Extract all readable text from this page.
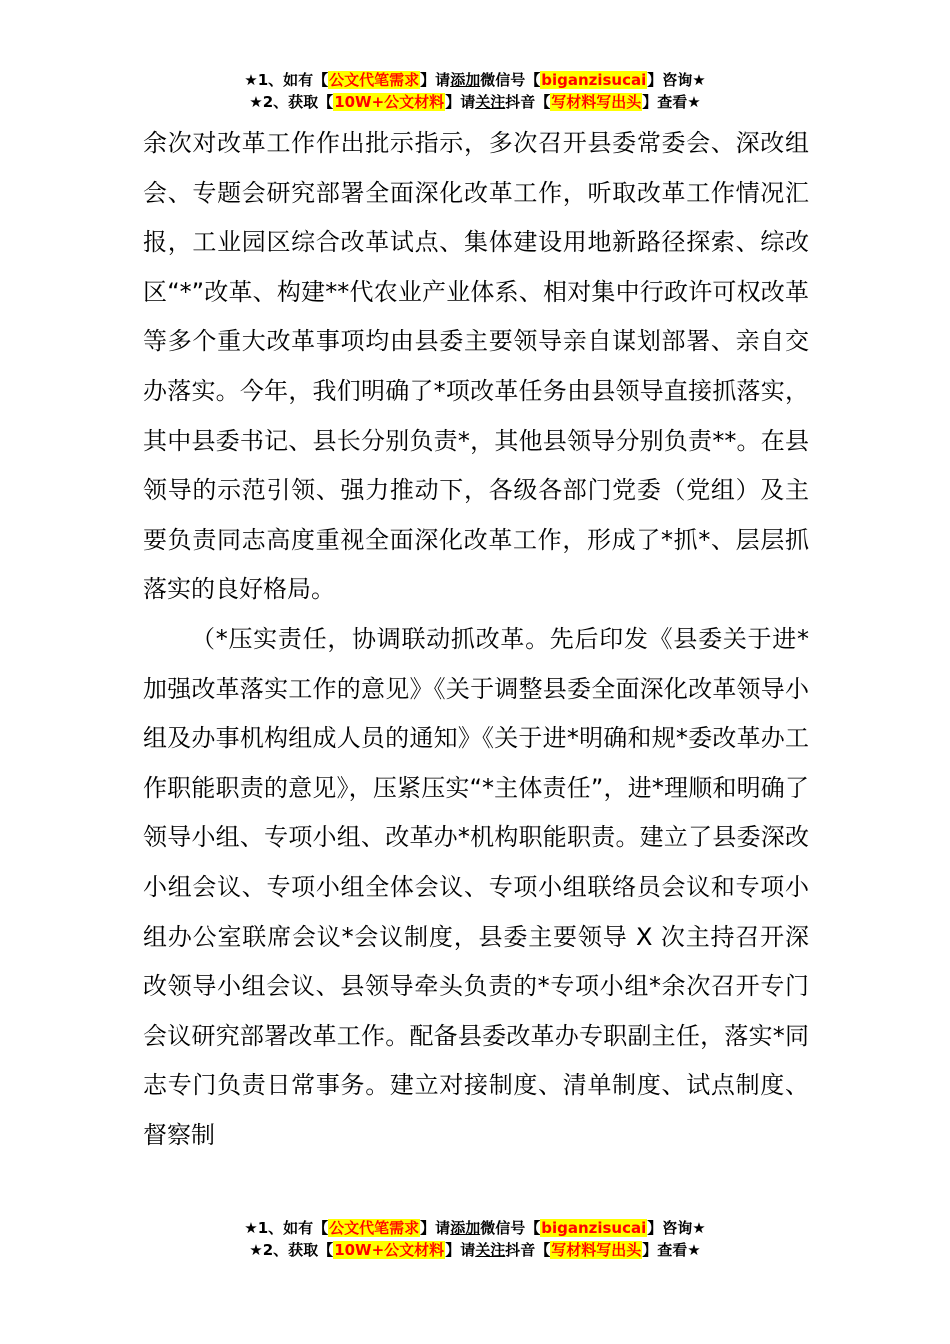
★1、如有【公文代笔需求】请添加微信号【biganzisucai】咨询★
★2、获取【10W+公文材料】请关注抖音【写材料写出头】查看★

余次对改革工作作出批示指示，多次召开县委常委会、深改组会、专题会研究部署全面深化改革工作，听取改革工作情况汇报，工业园区综合改革试点、集体建设用地新路径探索、综改区“*”改革、构建**代农业产业体系、相对集中行政许可权改革等多个重大改革事项均由县委主要领导亲自谋划部署、亲自交办落实。今年，我们明确了*项改革任务由县领导直接抓落实，其中县委书记、县长分别负责*，其他县领导分别负责**。在县领导的示范引领、强力推动下，各级各部门党委（党组）及主要负责同志高度重视全面深化改革工作，形成了*抓*、层层抓落实的良好格局。

（*压实责任，协调联动抓改革。先后印发《县委关于进*加强改革落实工作的意见》《关于调整县委全面深化改革领导小组及办事机构组成人员的通知》《关于进*明确和规*委改革办工作职能职责的意见》，压紧压实“*主体责任”，进*理顺和明确了领导小组、专项小组、改革办*机构职能职责。建立了县委深改小组会议、专项小组全体会议、专项小组联络员会议和专项小组办公室联席会议*会议制度，县委主要领导 X 次主持召开深改领导小组会议、县领导牵头负责的*专项小组*余次召开专门会议研究部署改革工作。配备县委改革办专职副主任，落实*同志专门负责日常事务。建立对接制度、清单制度、试点制度、督察制

★1、如有【公文代笔需求】请添加微信号【biganzisucai】咨询★
★2、获取【10W+公文材料】请关注抖音【写材料写出头】查看★
